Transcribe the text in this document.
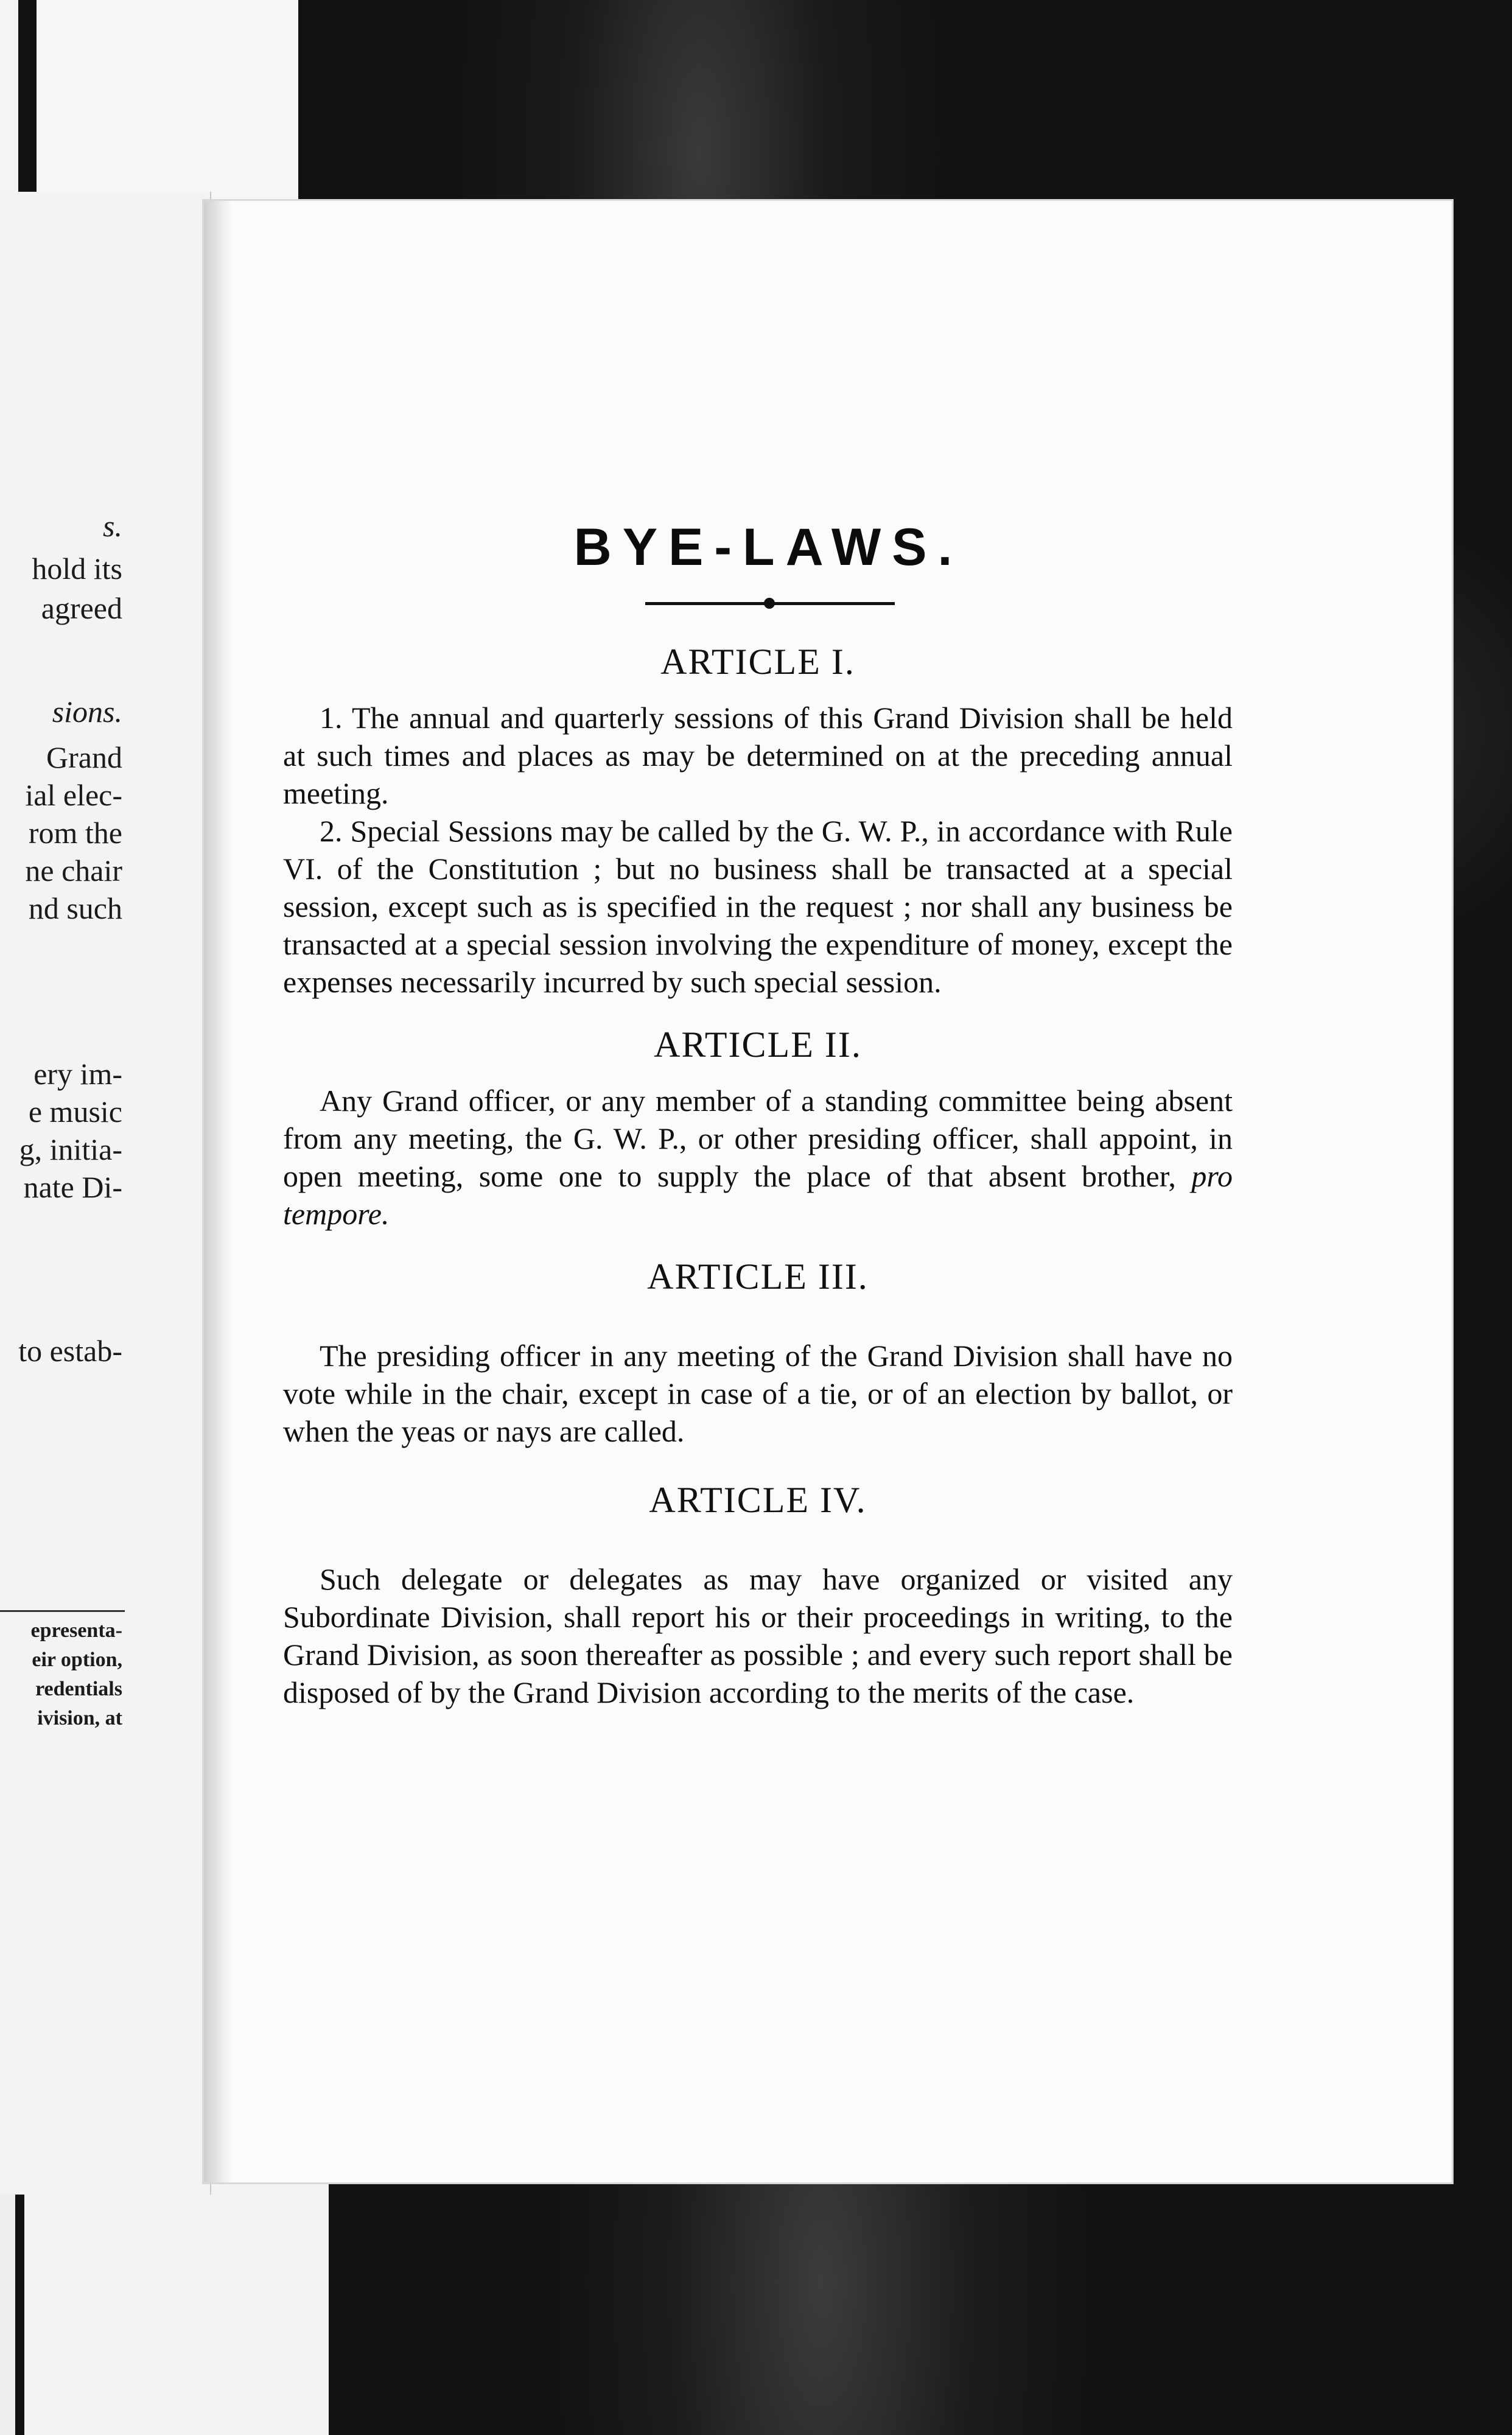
s.
hold its
agreed
sions.
Grand
ial elec-
rom the
ne chair
nd such
ery im-
e music
g, initia-
nate Di-
to estab-
epresenta-
eir option,
redentials
ivision, at
BYE-LAWS.
ARTICLE I.

1. The annual and quarterly sessions of this Grand Division shall be held at such times and places as may be determined on at the preceding annual meeting.

2. Special Sessions may be called by the G. W. P., in accordance with Rule VI. of the Constitution ; but no business shall be transacted at a special session, except such as is specified in the request ; nor shall any business be transacted at a special session involving the expenditure of money, except the expenses necessarily incurred by such special session.

ARTICLE II.

Any Grand officer, or any member of a standing committee being absent from any meeting, the G. W. P., or other presiding officer, shall appoint, in open meeting, some one to supply the place of that absent brother, pro tempore.

ARTICLE III.

The presiding officer in any meeting of the Grand Division shall have no vote while in the chair, except in case of a tie, or of an election by ballot, or when the yeas or nays are called.

ARTICLE IV.

Such delegate or delegates as may have organized or visited any Subordinate Division, shall report his or their proceedings in writing, to the Grand Division, as soon thereafter as possible ; and every such report shall be disposed of by the Grand Division according to the merits of the case.
